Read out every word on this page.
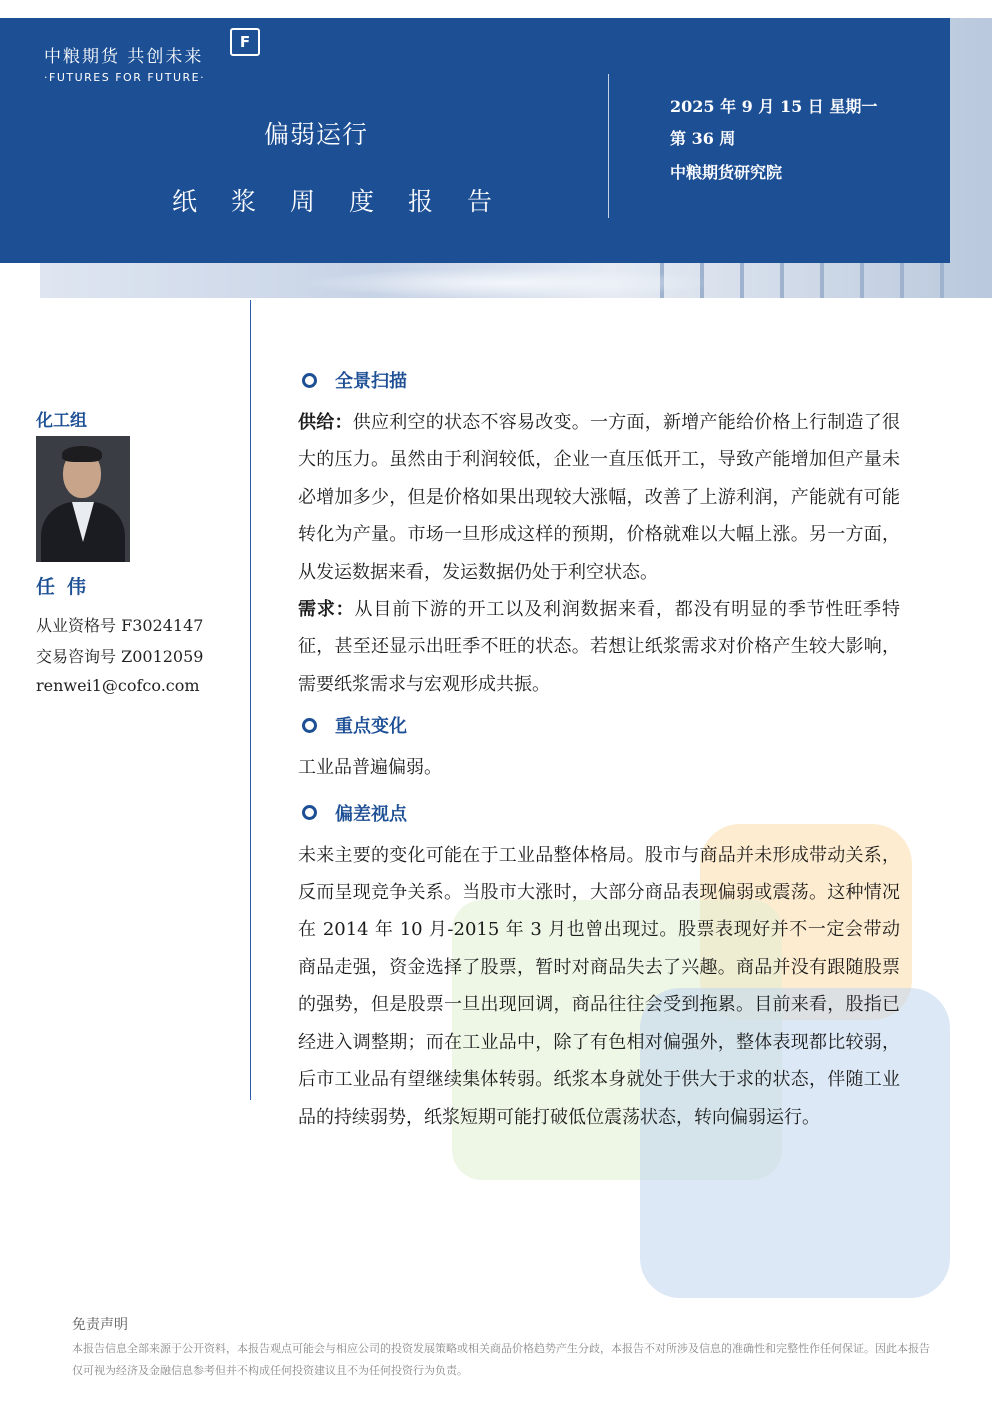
F
中粮期货 共创未来
·FUTURES FOR FUTURE·
偏弱运行
纸浆周度报告
2025 年 9 月 15 日 星期一
第 36 周
中粮期货研究院
化工组
任伟
从业资格号 F3024147
交易咨询号 Z0012059
renwei1@cofco.com
全景扫描

供给：供应利空的状态不容易改变。一方面，新增产能给价格上行制造了很大的压力。虽然由于利润较低，企业一直压低开工，导致产能增加但产量未必增加多少，但是价格如果出现较大涨幅，改善了上游利润，产能就有可能转化为产量。市场一旦形成这样的预期，价格就难以大幅上涨。另一方面，从发运数据来看，发运数据仍处于利空状态。

需求：从目前下游的开工以及利润数据来看，都没有明显的季节性旺季特征，甚至还显示出旺季不旺的状态。若想让纸浆需求对价格产生较大影响，需要纸浆需求与宏观形成共振。

重点变化

工业品普遍偏弱。

偏差视点

未来主要的变化可能在于工业品整体格局。股市与商品并未形成带动关系，反而呈现竞争关系。当股市大涨时，大部分商品表现偏弱或震荡。这种情况在 2014 年 10 月-2015 年 3 月也曾出现过。股票表现好并不一定会带动商品走强，资金选择了股票，暂时对商品失去了兴趣。商品并没有跟随股票的强势，但是股票一旦出现回调，商品往往会受到拖累。目前来看，股指已经进入调整期；而在工业品中，除了有色相对偏强外，整体表现都比较弱，后市工业品有望继续集体转弱。纸浆本身就处于供大于求的状态，伴随工业品的持续弱势，纸浆短期可能打破低位震荡状态，转向偏弱运行。

免责声明
本报告信息全部来源于公开资料，本报告观点可能会与相应公司的投资发展策略或相关商品价格趋势产生分歧，本报告不对所涉及信息的准确性和完整性作任何保证。因此本报告仅可视为经济及金融信息参考但并不构成任何投资建议且不为任何投资行为负责。
